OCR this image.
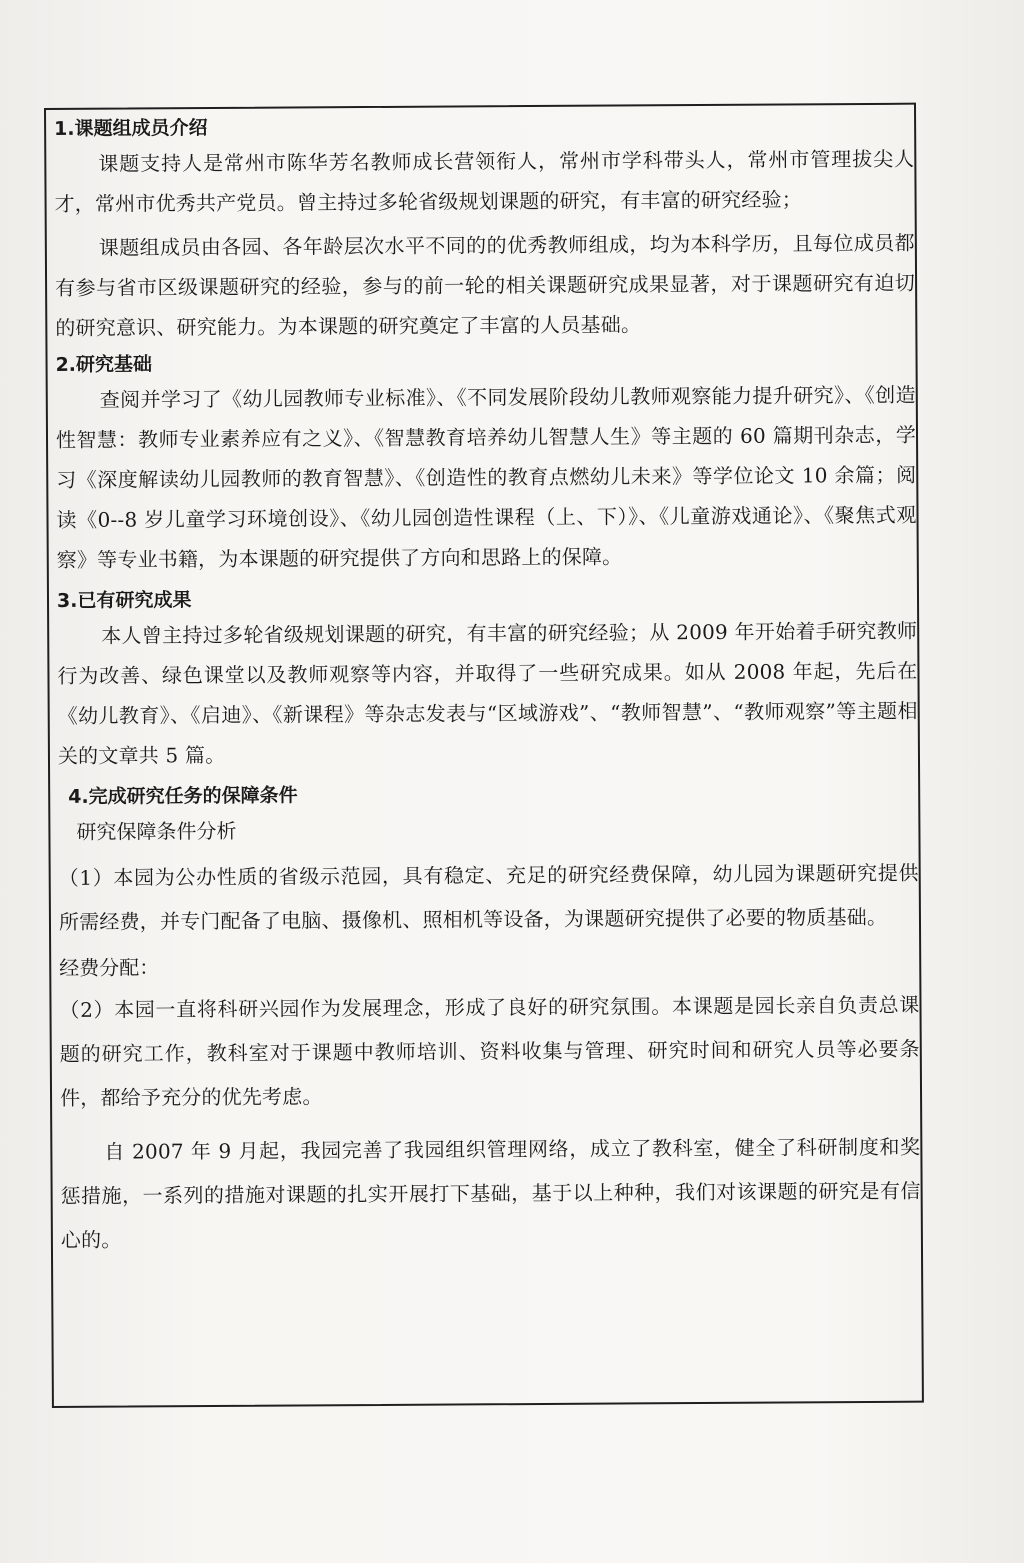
1.课题组成员介绍

课题支持人是常州市陈华芳名教师成长营领衔人，常州市学科带头人，常州市管理拔尖人才，常州市优秀共产党员。曾主持过多轮省级规划课题的研究，有丰富的研究经验；

课题组成员由各园、各年龄层次水平不同的的优秀教师组成，均为本科学历，且每位成员都有参与省市区级课题研究的经验，参与的前一轮的相关课题研究成果显著，对于课题研究有迫切的研究意识、研究能力。为本课题的研究奠定了丰富的人员基础。

2.研究基础

查阅并学习了《幼儿园教师专业标准》、《不同发展阶段幼儿教师观察能力提升研究》、《创造性智慧：教师专业素养应有之义》、《智慧教育培养幼儿智慧人生》等主题的 60 篇期刊杂志，学习《深度解读幼儿园教师的教育智慧》、《创造性的教育点燃幼儿未来》等学位论文 10 余篇；阅读《0--8 岁儿童学习环境创设》、《幼儿园创造性课程（上、下）》、《儿童游戏通论》、《聚焦式观察》等专业书籍，为本课题的研究提供了方向和思路上的保障。

3.已有研究成果

本人曾主持过多轮省级规划课题的研究，有丰富的研究经验；从 2009 年开始着手研究教师行为改善、绿色课堂以及教师观察等内容，并取得了一些研究成果。如从 2008 年起，先后在《幼儿教育》、《启迪》、《新课程》等杂志发表与“区域游戏”、“教师智慧”、“教师观察”等主题相关的文章共 5 篇。

4.完成研究任务的保障条件
研究保障条件分析

（1）本园为公办性质的省级示范园，具有稳定、充足的研究经费保障，幼儿园为课题研究提供所需经费，并专门配备了电脑、摄像机、照相机等设备，为课题研究提供了必要的物质基础。

经费分配：

（2）本园一直将科研兴园作为发展理念，形成了良好的研究氛围。本课题是园长亲自负责总课题的研究工作，教科室对于课题中教师培训、资料收集与管理、研究时间和研究人员等必要条件，都给予充分的优先考虑。

自 2007 年 9 月起，我园完善了我园组织管理网络，成立了教科室，健全了科研制度和奖惩措施，一系列的措施对课题的扎实开展打下基础，基于以上种种，我们对该课题的研究是有信心的。
